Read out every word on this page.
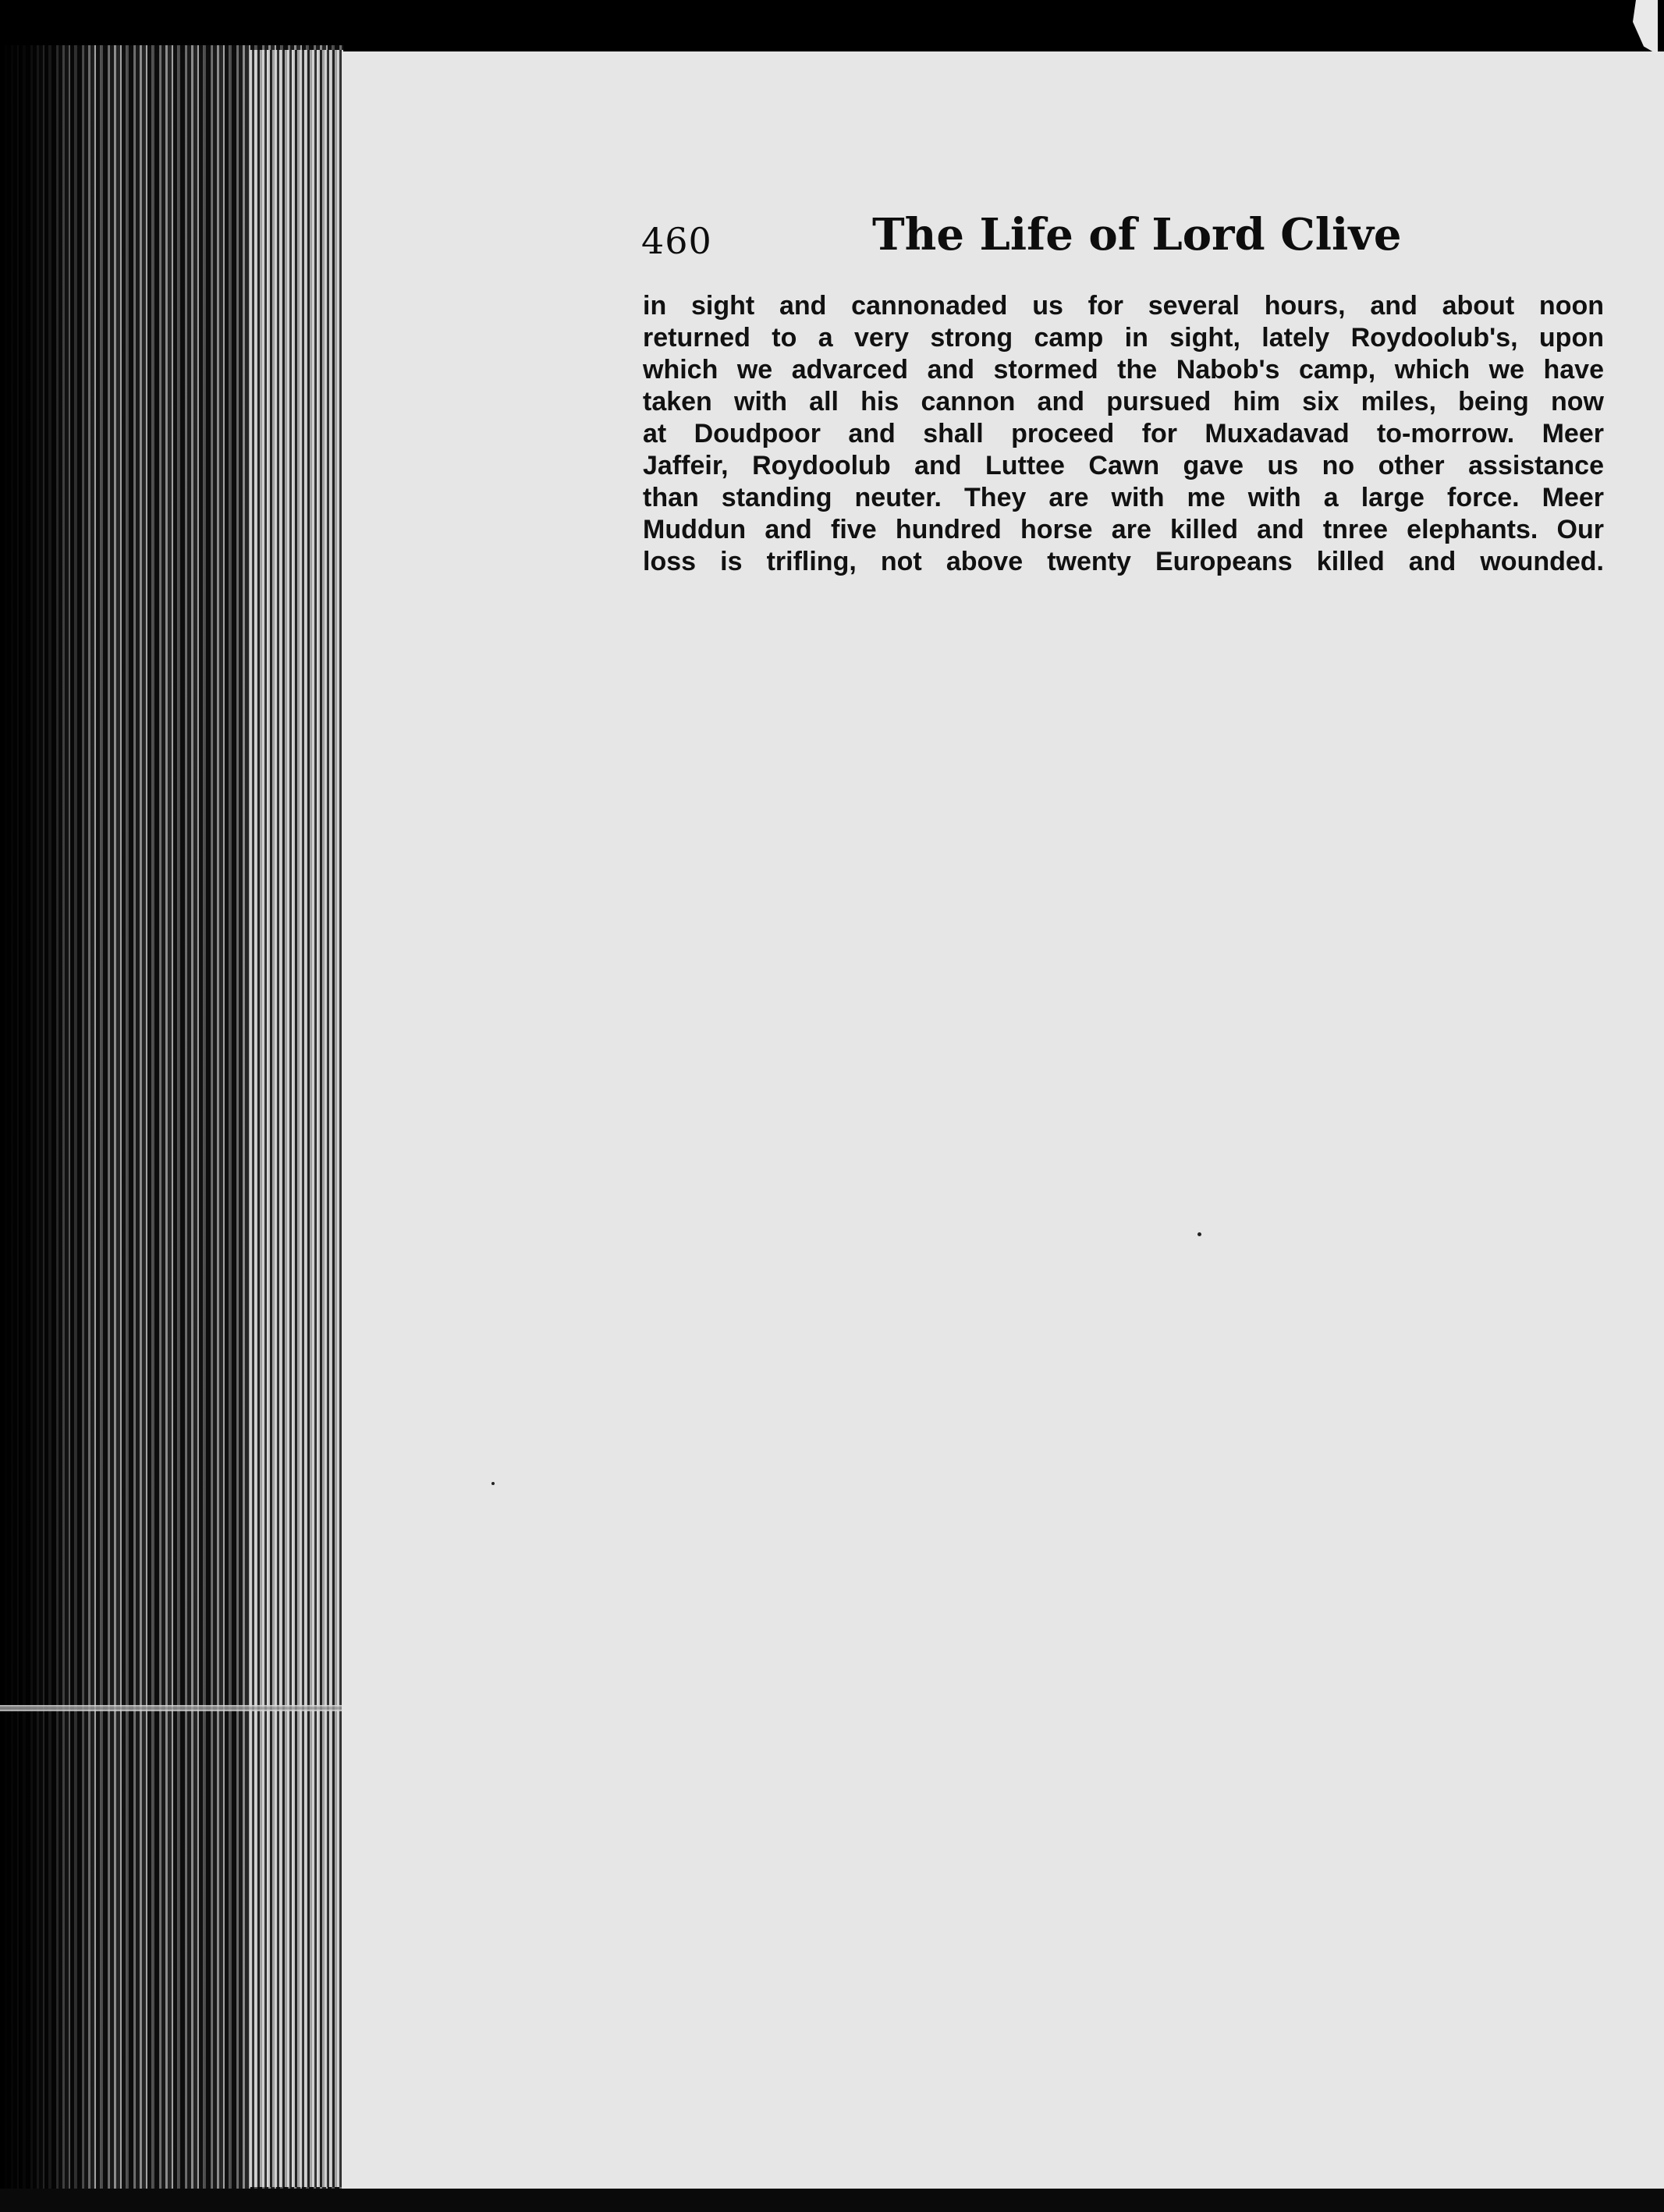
460	The Life of Lord Clive
in sight and cannonaded us for several hours, and about noon
returned to a very strong camp in sight, lately Roydoolub's, upon
which we advarced and stormed the Nabob's camp, which we have
taken with all his cannon and pursued him six miles, being now
at Doudpoor and shall proceed for Muxadavad to-morrow. Meer
Jaffeir, Roydoolub and Luttee Cawn gave us no other assistance
than standing neuter. They are with me with a large force. Meer
Muddun and five hundred horse are killed and tnree elephants. Our
loss is trifling, not above twenty Europeans killed and wounded.
